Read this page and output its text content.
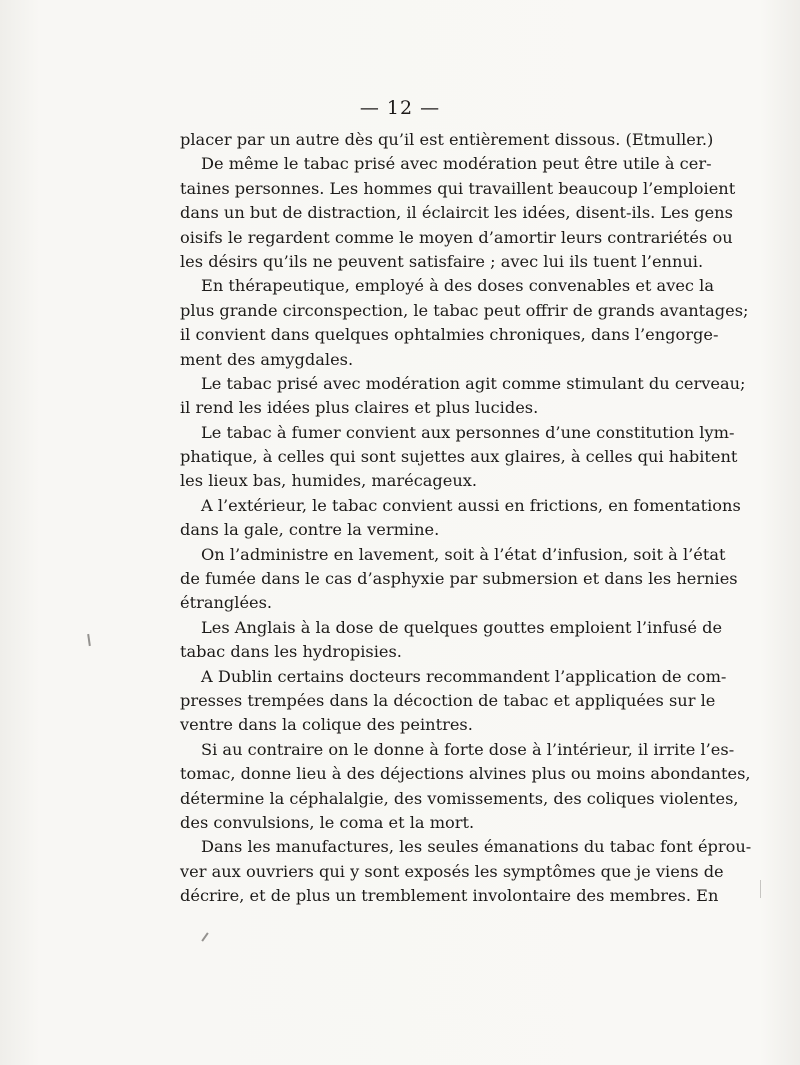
— 12 —
placer par un autre dès qu’il est entièrement dissous. (Etmuller.)
De même le tabac prisé avec modération peut être utile à cer-
taines personnes. Les hommes qui travaillent beaucoup l’emploient
dans un but de distraction, il éclaircit les idées, disent-ils. Les gens
oisifs le regardent comme le moyen d’amortir leurs contrariétés ou
les désirs qu’ils ne peuvent satisfaire ; avec lui ils tuent l’ennui.
En thérapeutique, employé à des doses convenables et avec la
plus grande circonspection, le tabac peut offrir de grands avantages;
il convient dans quelques ophtalmies chroniques, dans l’engorge-
ment des amygdales.
Le tabac prisé avec modération agit comme stimulant du cerveau;
il rend les idées plus claires et plus lucides.
Le tabac à fumer convient aux personnes d’une constitution lym-
phatique, à celles qui sont sujettes aux glaires, à celles qui habitent
les lieux bas, humides, marécageux.
A l’extérieur, le tabac convient aussi en frictions, en fomentations
dans la gale, contre la vermine.
On l’administre en lavement, soit à l’état d’infusion, soit à l’état
de fumée dans le cas d’asphyxie par submersion et dans les hernies
étranglées.
Les Anglais à la dose de quelques gouttes emploient l’infusé de
tabac dans les hydropisies.
A Dublin certains docteurs recommandent l’application de com-
presses trempées dans la décoction de tabac et appliquées sur le
ventre dans la colique des peintres.
Si au contraire on le donne à forte dose à l’intérieur, il irrite l’es-
tomac, donne lieu à des déjections alvines plus ou moins abondantes,
détermine la céphalalgie, des vomissements, des coliques violentes,
des convulsions, le coma et la mort.
Dans les manufactures, les seules émanations du tabac font éprou-
ver aux ouvriers qui y sont exposés les symptômes que je viens de
décrire, et de plus un tremblement involontaire des membres. En
